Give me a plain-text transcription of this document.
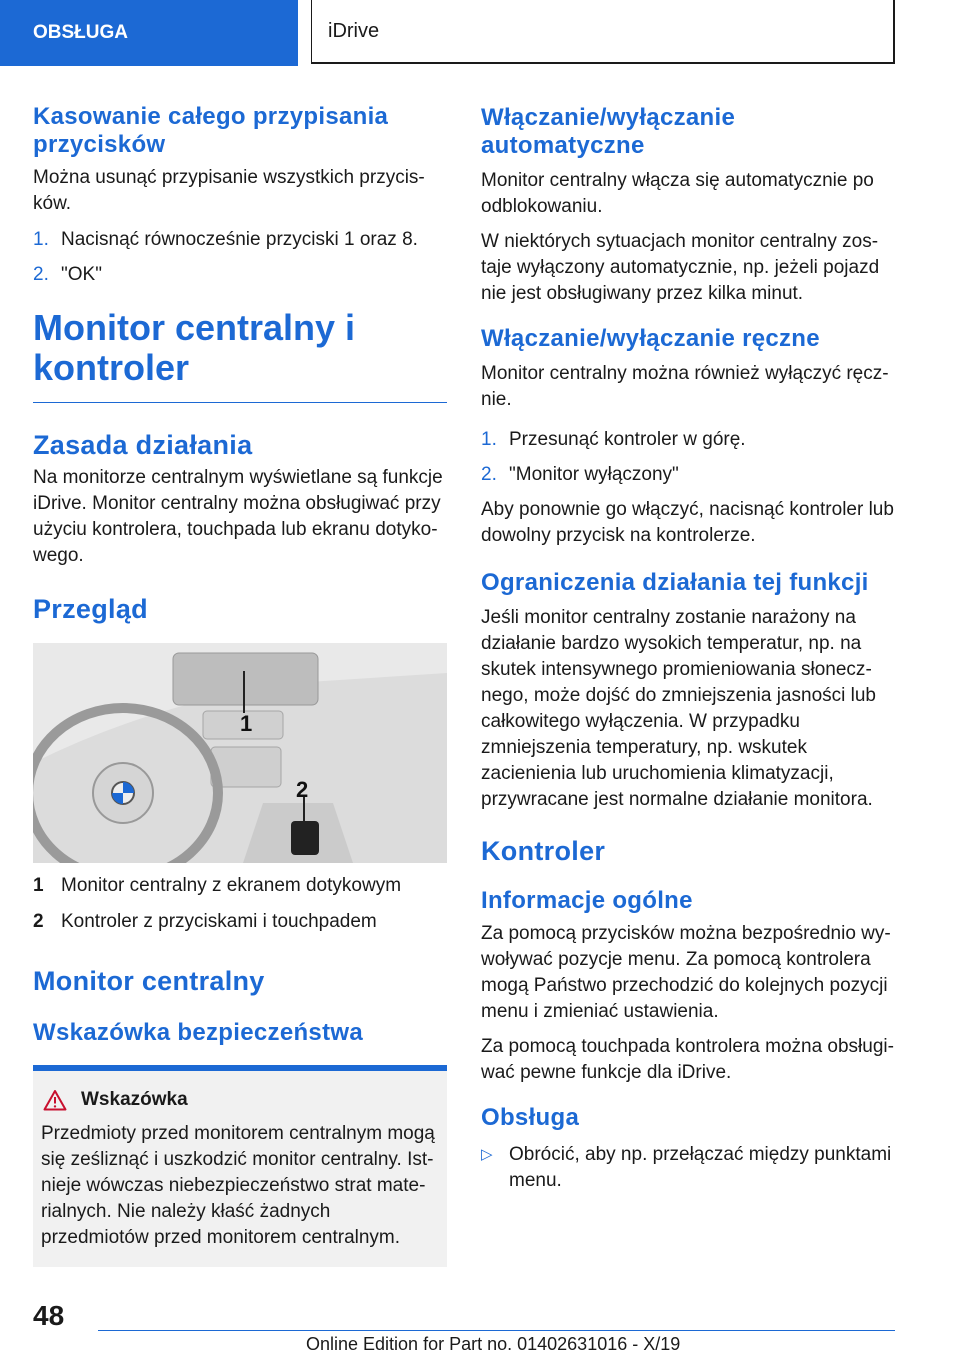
OBSŁUGA	iDrive
Kasowanie całego przypisania przycisków

Można usunąć przypisanie wszystkich przycisków.

1. Nacisnąć równocześnie przyciski 1 oraz 8.
2. "OK"
Monitor centralny i kontroler
Zasada działania

Na monitorze centralnym wyświetlane są funkcje iDrive. Monitor centralny można obsługiwać przy użyciu kontrolera, touchpada lub ekranu dotykowego.

Przegląd
1
2
1 Monitor centralny z ekranem dotykowym
2 Kontroler z przyciskami i touchpadem
Monitor centralny
Wskazówka bezpieczeństwa
Wskazówka

Przedmioty przed monitorem centralnym mogą się ześliznąć i uszkodzić monitor centralny. Istnieje wówczas niebezpieczeństwo strat materialnych. Nie należy kłaść żadnych przedmiotów przed monitorem centralnym.

Włączanie/wyłączanie automatyczne

Monitor centralny włącza się automatycznie po odblokowaniu.

W niektórych sytuacjach monitor centralny zostaje wyłączony automatycznie, np. jeżeli pojazd nie jest obsługiwany przez kilka minut.

Włączanie/wyłączanie ręczne

Monitor centralny można również wyłączyć ręcznie.

1. Przesunąć kontroler w górę.
2. "Monitor wyłączony"

Aby ponownie go włączyć, nacisnąć kontroler lub dowolny przycisk na kontrolerze.

Ograniczenia działania tej funkcji

Jeśli monitor centralny zostanie narażony na działanie bardzo wysokich temperatur, np. na skutek intensywnego promieniowania słonecznego, może dojść do zmniejszenia jasności lub całkowitego wyłączenia. W przypadku zmniejszenia temperatury, np. wskutek zacienienia lub uruchomienia klimatyzacji, przywracane jest normalne działanie monitora.

Kontroler
Informacje ogólne

Za pomocą przycisków można bezpośrednio wywoływać pozycje menu. Za pomocą kontrolera mogą Państwo przechodzić do kolejnych pozycji menu i zmieniać ustawienia.

Za pomocą touchpada kontrolera można obsługiwać pewne funkcje dla iDrive.

Obsługa
▷ Obrócić, aby np. przełączać między punktami menu.
48
Online Edition for Part no. 01402631016 - X/19
